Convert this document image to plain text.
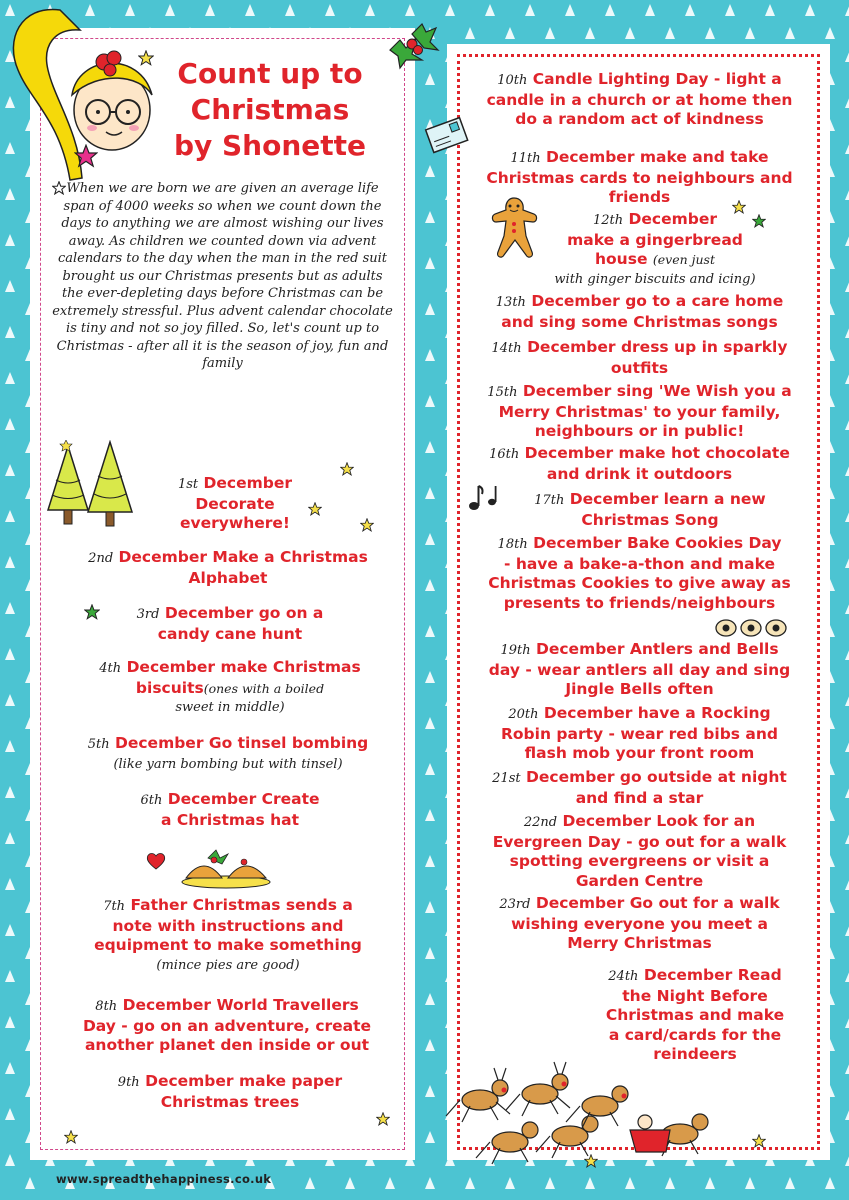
Count up to
Christmas
by Shonette
When we are born we are given an average life span of 4000 weeks so when we count down the days to anything we are almost wishing our lives away. As children we counted down via advent calendars to the day when the man in the red suit brought us our Christmas presents but as adults the ever-depleting days before Christmas can be extremely stressful. Plus advent calendar chocolate is tiny and not so joy filled. So, let's count up to Christmas - after all it is the season of joy, fun and family
1st December
Decorate
everywhere!
2nd December Make a Christmas
Alphabet
3rd December go on a
candy cane hunt
4th December make Christmas
biscuits(ones with a boiled
sweet in middle)
5th December Go tinsel bombing
(like yarn bombing but with tinsel)
6th December Create
a Christmas hat
7th Father Christmas sends a
note with instructions and
equipment to make something
(mince pies are good)
8th December World Travellers
Day - go on an adventure, create
another planet den inside or out
9th December make paper
Christmas trees
10th Candle Lighting Day - light a
candle in a church or at home then
do a random act of kindness
11th December make and take
Christmas cards to neighbours and
friends
12th December
make a gingerbread
house (even just
with ginger biscuits and icing)
13th December go to a care home
and sing some Christmas songs
14th December dress up in sparkly
outfits
15th December sing 'We Wish you a
Merry Christmas' to your family,
neighbours or in public!
16th December make hot chocolate
and drink it outdoors
17th December learn a new
Christmas Song
18th December Bake Cookies Day
- have a bake-a-thon and make
Christmas Cookies to give away as
presents to friends/neighbours
19th December Antlers and Bells
day - wear antlers all day and sing
Jingle Bells often
20th December have a Rocking
Robin party - wear red bibs and
flash mob your front room
21st December go outside at night
and find a star
22nd December Look for an
Evergreen Day - go out for a walk
spotting evergreens or visit a
Garden Centre
23rd December Go out for a walk
wishing everyone you meet a
Merry Christmas
24th December Read
the Night Before
Christmas and make
a card/cards for the
reindeers
www.spreadthehappiness.co.uk
